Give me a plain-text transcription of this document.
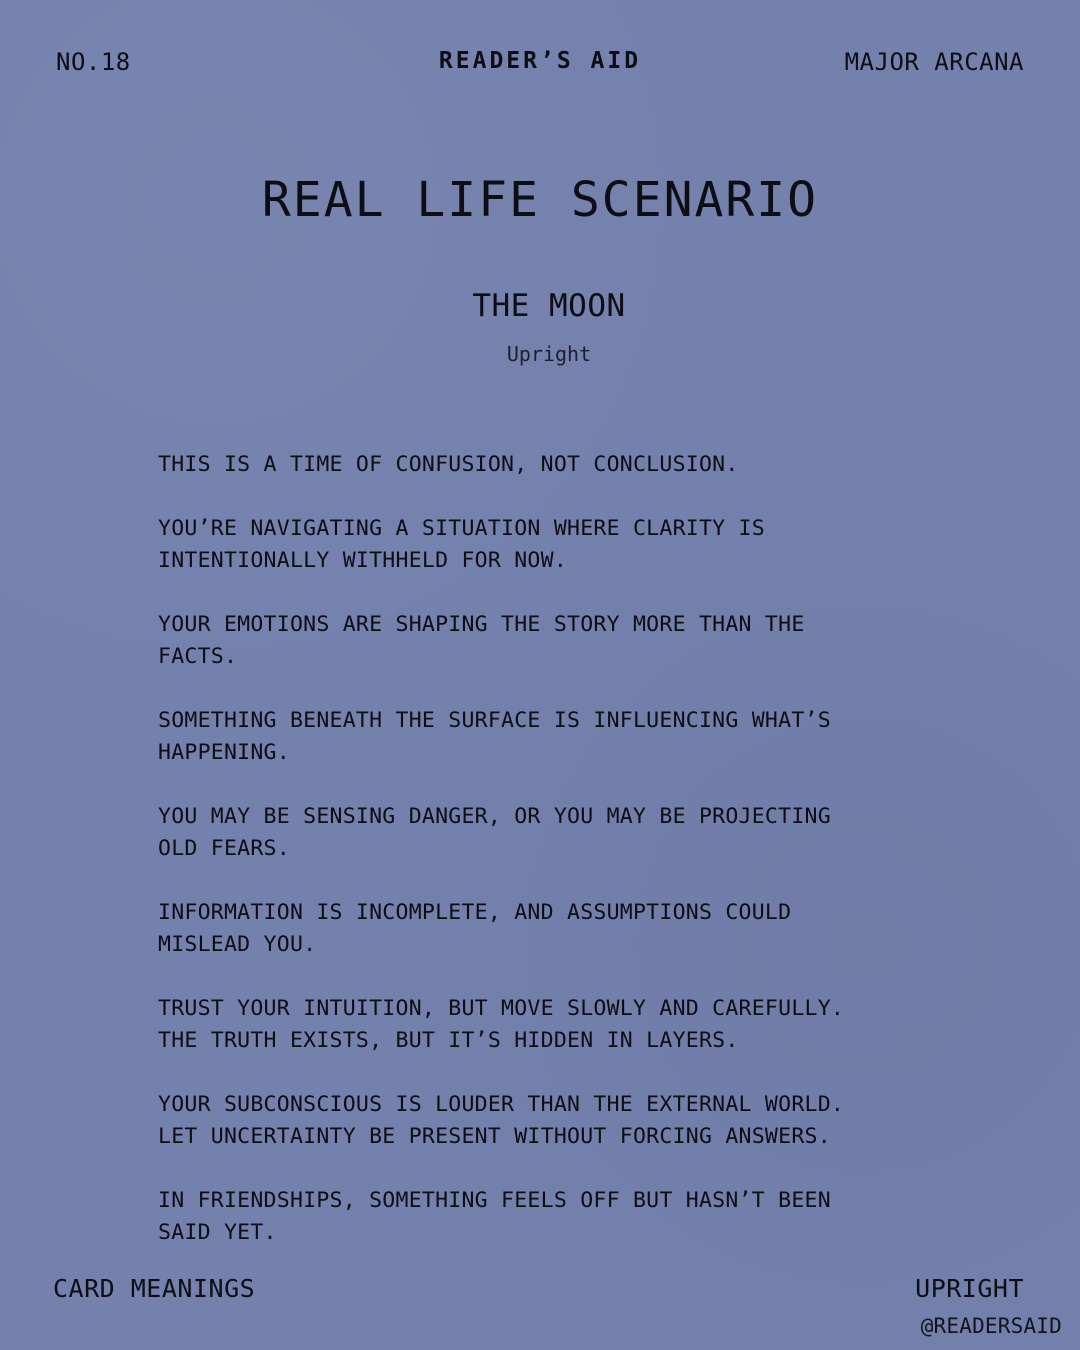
NO.18	READER’S AID	MAJOR ARCANA
REAL LIFE SCENARIO
THE MOON
Upright

THIS IS A TIME OF CONFUSION, NOT CONCLUSION.

YOU’RE NAVIGATING A SITUATION WHERE CLARITY IS
INTENTIONALLY WITHHELD FOR NOW.

YOUR EMOTIONS ARE SHAPING THE STORY MORE THAN THE
FACTS.

SOMETHING BENEATH THE SURFACE IS INFLUENCING WHAT’S
HAPPENING.

YOU MAY BE SENSING DANGER, OR YOU MAY BE PROJECTING
OLD FEARS.

INFORMATION IS INCOMPLETE, AND ASSUMPTIONS COULD
MISLEAD YOU.

TRUST YOUR INTUITION, BUT MOVE SLOWLY AND CAREFULLY.
THE TRUTH EXISTS, BUT IT’S HIDDEN IN LAYERS.

YOUR SUBCONSCIOUS IS LOUDER THAN THE EXTERNAL WORLD.
LET UNCERTAINTY BE PRESENT WITHOUT FORCING ANSWERS.

IN FRIENDSHIPS, SOMETHING FEELS OFF BUT HASN’T BEEN
SAID YET.

CARD MEANINGS	UPRIGHT
@READERSAID
